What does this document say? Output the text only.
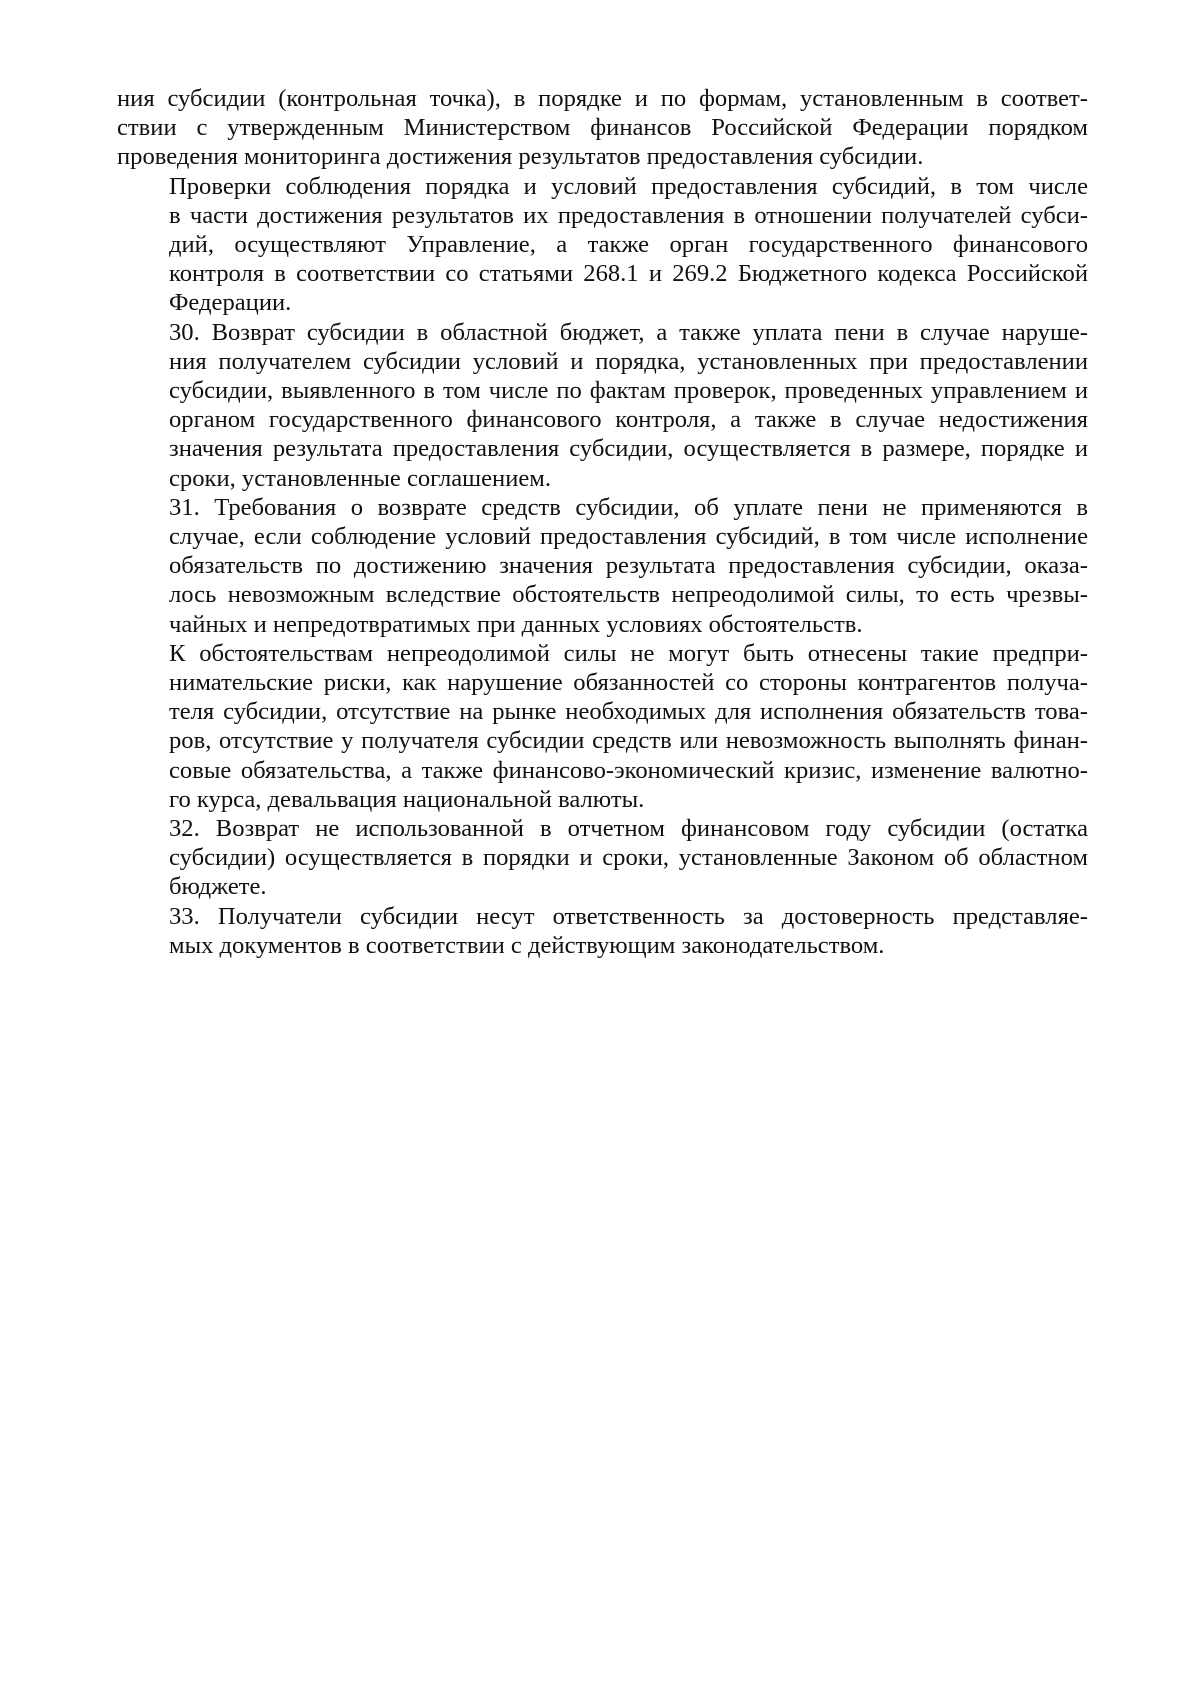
ния субсидии (контрольная точка), в порядке и по формам, установленным в соответ-
ствии с утвержденным Министерством финансов Российской Федерации порядком
проведения мониторинга достижения результатов предоставления субсидии.

Проверки соблюдения порядка и условий предоставления субсидий, в том числе
в части достижения результатов их предоставления в отношении получателей субси-
дий, осуществляют Управление, а также орган государственного финансового
контроля в соответствии со статьями 268.1 и 269.2 Бюджетного кодекса Российской
Федерации.

30. Возврат субсидии в областной бюджет, а также уплата пени в случае наруше-
ния получателем субсидии условий и порядка, установленных при предоставлении
субсидии, выявленного в том числе по фактам проверок, проведенных управлением и
органом государственного финансового контроля, а также в случае недостижения
значения результата предоставления субсидии, осуществляется в размере, порядке и
сроки, установленные соглашением.

31. Требования о возврате средств субсидии, об уплате пени не применяются в
случае, если соблюдение условий предоставления субсидий, в том числе исполнение
обязательств по достижению значения результата предоставления субсидии, оказа-
лось невозможным вследствие обстоятельств непреодолимой силы, то есть чрезвы-
чайных и непредотвратимых при данных условиях обстоятельств.

К обстоятельствам непреодолимой силы не могут быть отнесены такие предпри-
нимательские риски, как нарушение обязанностей со стороны контрагентов получа-
теля субсидии, отсутствие на рынке необходимых для исполнения обязательств това-
ров, отсутствие у получателя субсидии средств или невозможность выполнять финан-
совые обязательства, а также финансово-экономический кризис, изменение валютно-
го курса, девальвация национальной валюты.

32. Возврат не использованной в отчетном финансовом году субсидии (остатка
субсидии) осуществляется в порядки и сроки, установленные Законом об областном
бюджете.

33. Получатели субсидии несут ответственность за достоверность представляе-
мых документов в соответствии с действующим законодательством.
